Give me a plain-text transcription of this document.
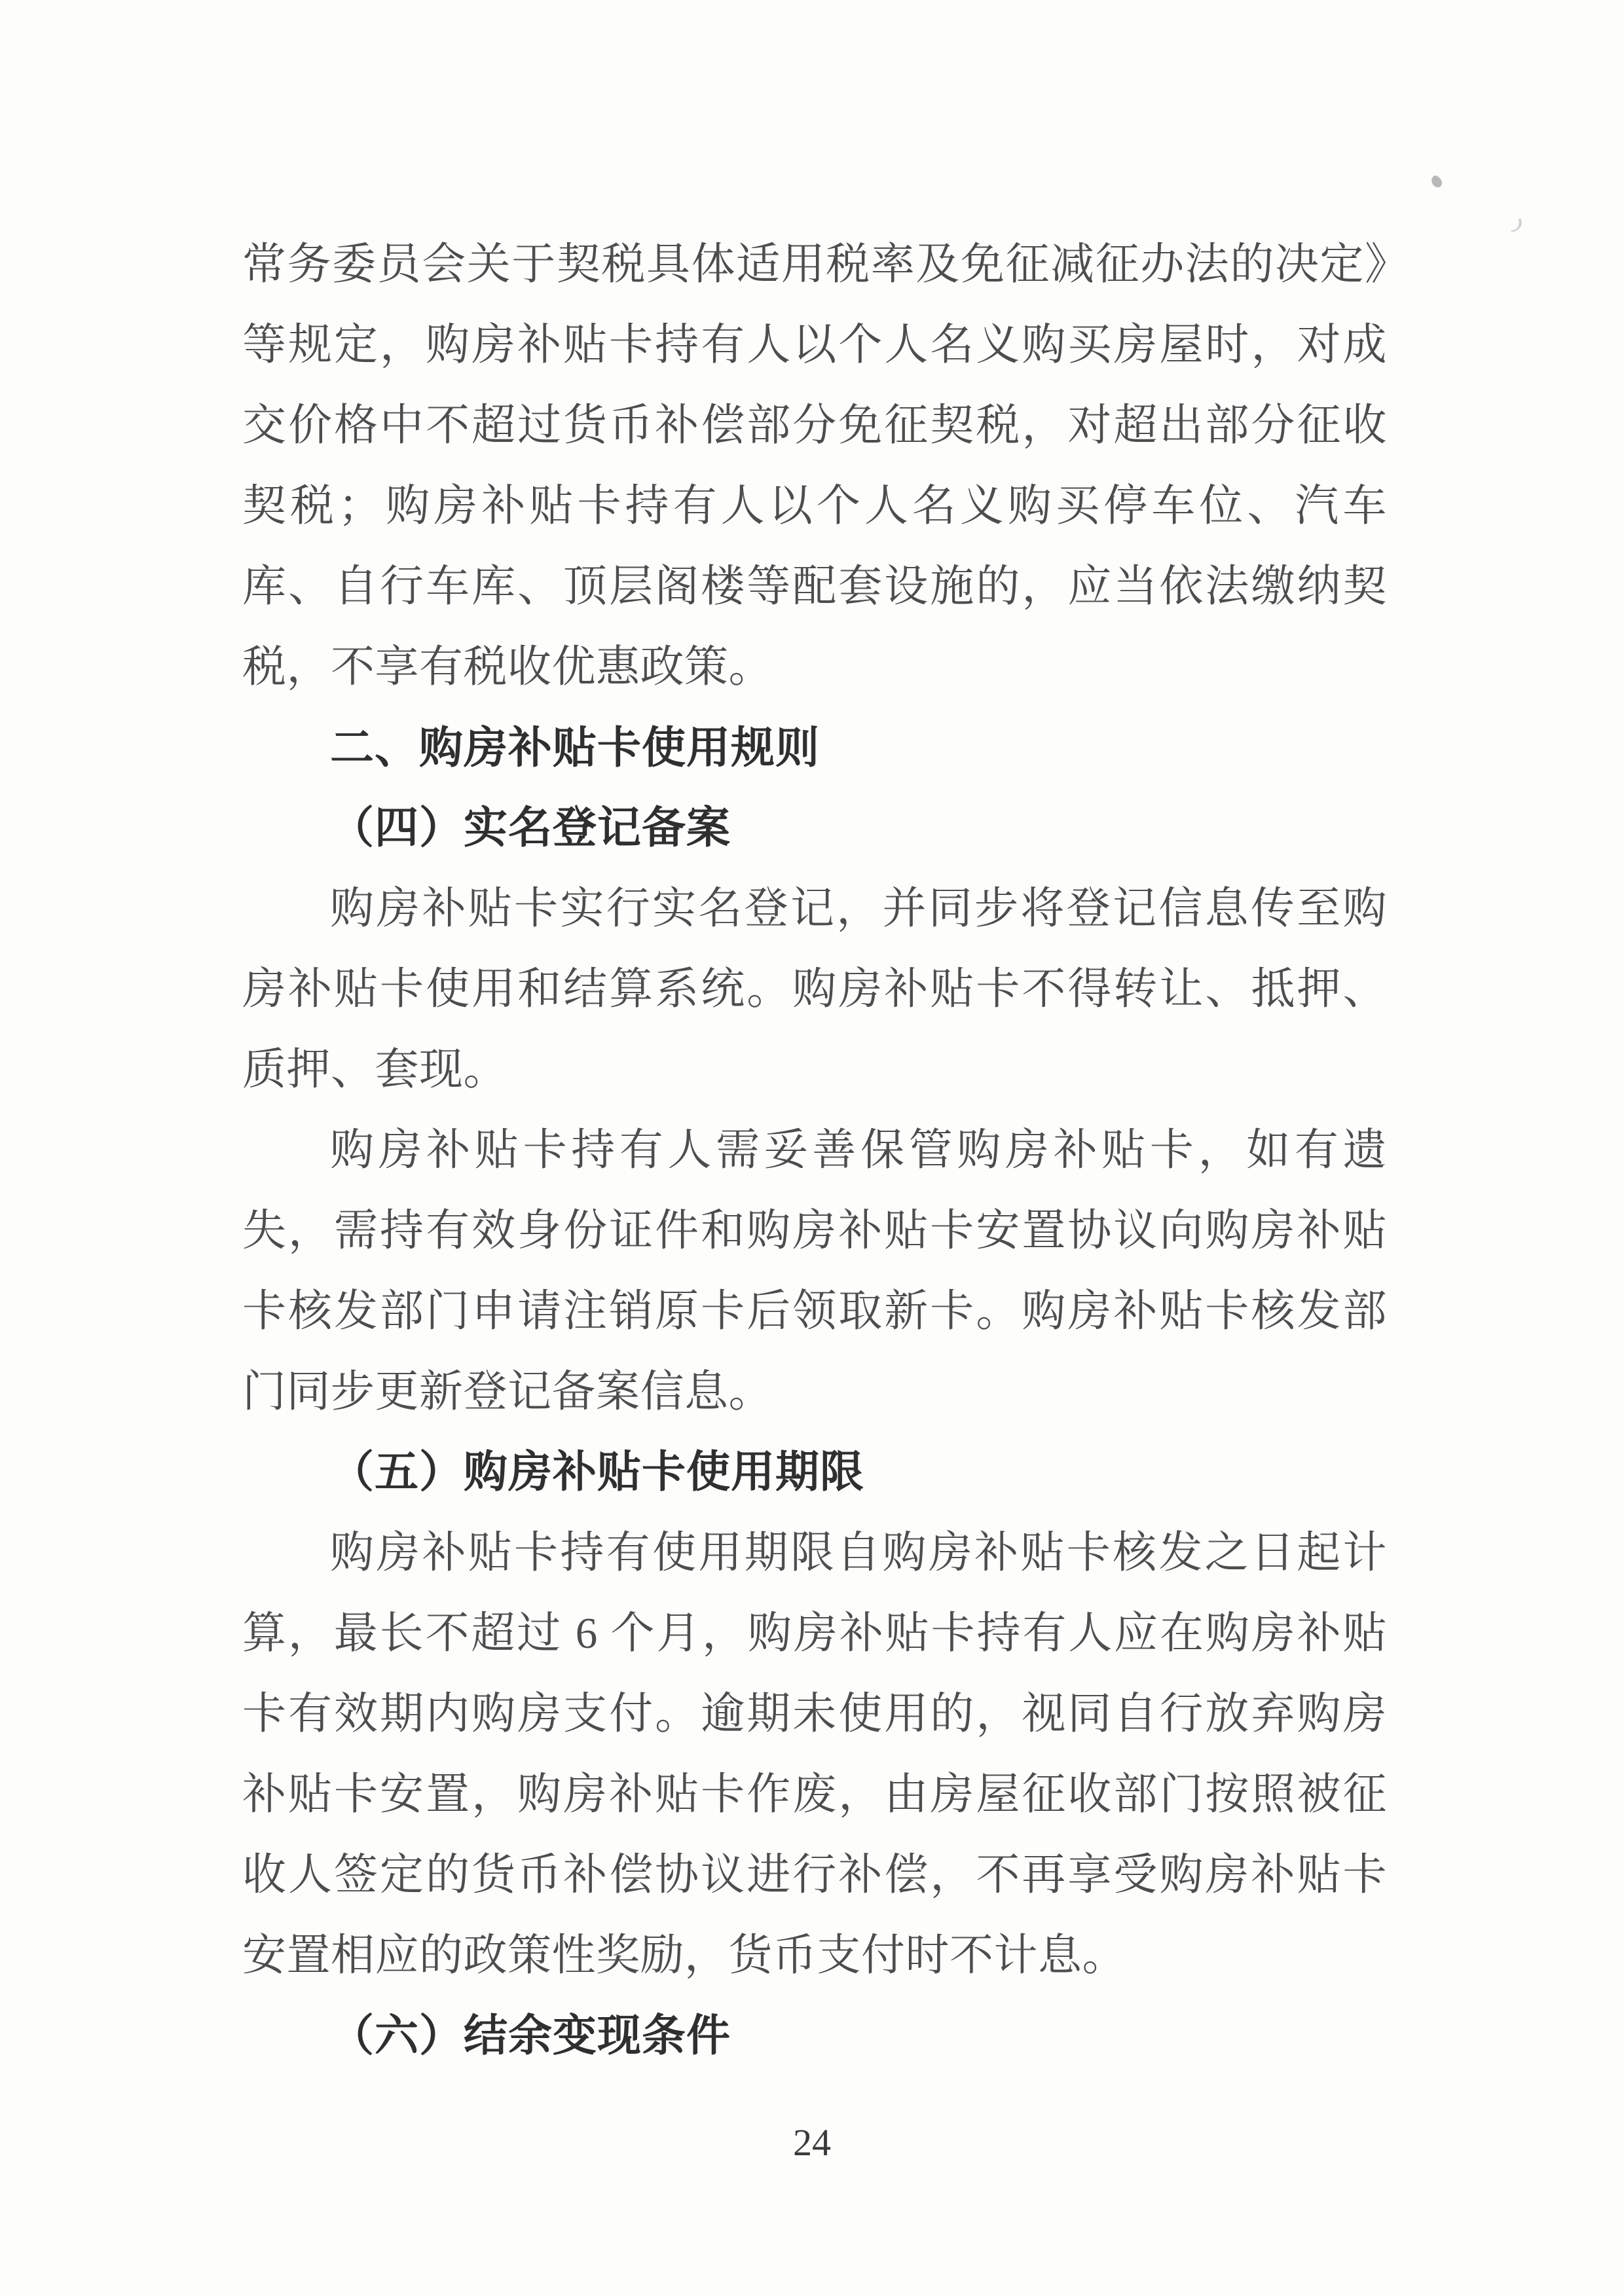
常务委员会关于契税具体适用税率及免征减征办法的决定》等规定，购房补贴卡持有人以个人名义购买房屋时，对成交价格中不超过货币补偿部分免征契税，对超出部分征收契税；购房补贴卡持有人以个人名义购买停车位、汽车库、自行车库、顶层阁楼等配套设施的，应当依法缴纳契税，不享有税收优惠政策。

二、购房补贴卡使用规则
（四）实名登记备案

购房补贴卡实行实名登记，并同步将登记信息传至购房补贴卡使用和结算系统。购房补贴卡不得转让、抵押、质押、套现。

购房补贴卡持有人需妥善保管购房补贴卡，如有遗失，需持有效身份证件和购房补贴卡安置协议向购房补贴卡核发部门申请注销原卡后领取新卡。购房补贴卡核发部门同步更新登记备案信息。

（五）购房补贴卡使用期限

购房补贴卡持有使用期限自购房补贴卡核发之日起计算，最长不超过 6 个月，购房补贴卡持有人应在购房补贴卡有效期内购房支付。逾期未使用的，视同自行放弃购房补贴卡安置，购房补贴卡作废，由房屋征收部门按照被征收人签定的货币补偿协议进行补偿，不再享受购房补贴卡安置相应的政策性奖励，货币支付时不计息。

（六）结余变现条件
24
